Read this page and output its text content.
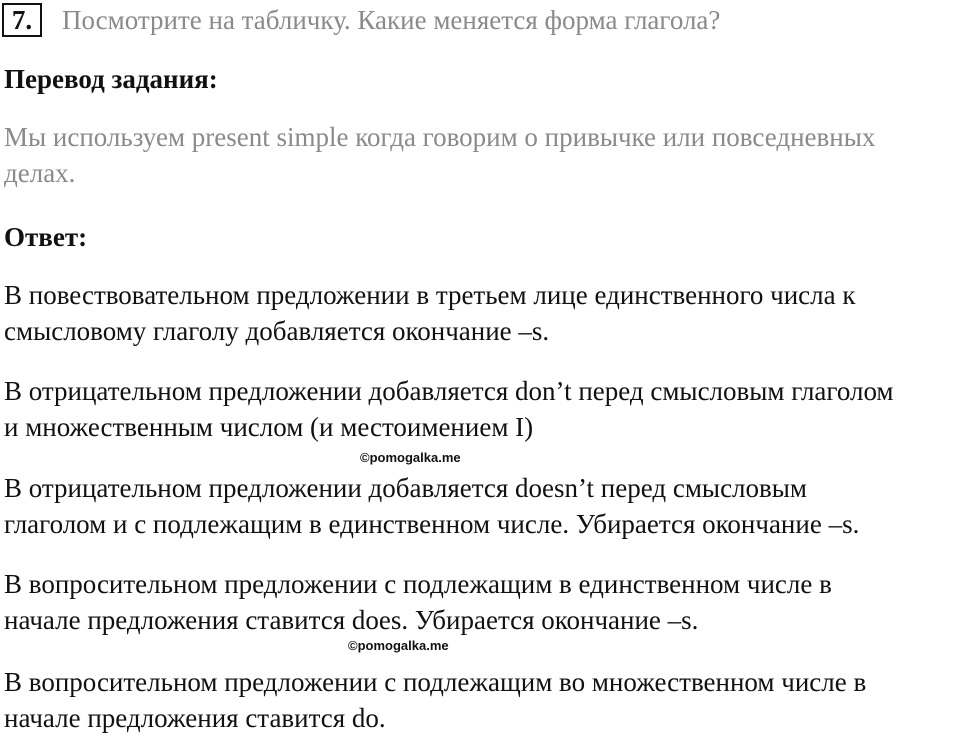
7.	Посмотрите на табличку. Какие меняется форма глагола?
Перевод задания:
Мы используем present simple когда говорим о привычке или повседневных
делах.
Ответ:
В повествовательном предложении в третьем лице единственного числа к
смысловому глаголу добавляется окончание –s.
В отрицательном предложении добавляется don’t перед смысловым глаголом
и множественным числом (и местоимением I)
©pomogalka.me
В отрицательном предложении добавляется doesn’t перед смысловым
глаголом и с подлежащим в единственном числе. Убирается окончание –s.
В вопросительном предложении с подлежащим в единственном числе в
начале предложения ставится does. Убирается окончание –s.
©pomogalka.me
В вопросительном предложении с подлежащим во множественном числе в
начале предложения ставится do.
